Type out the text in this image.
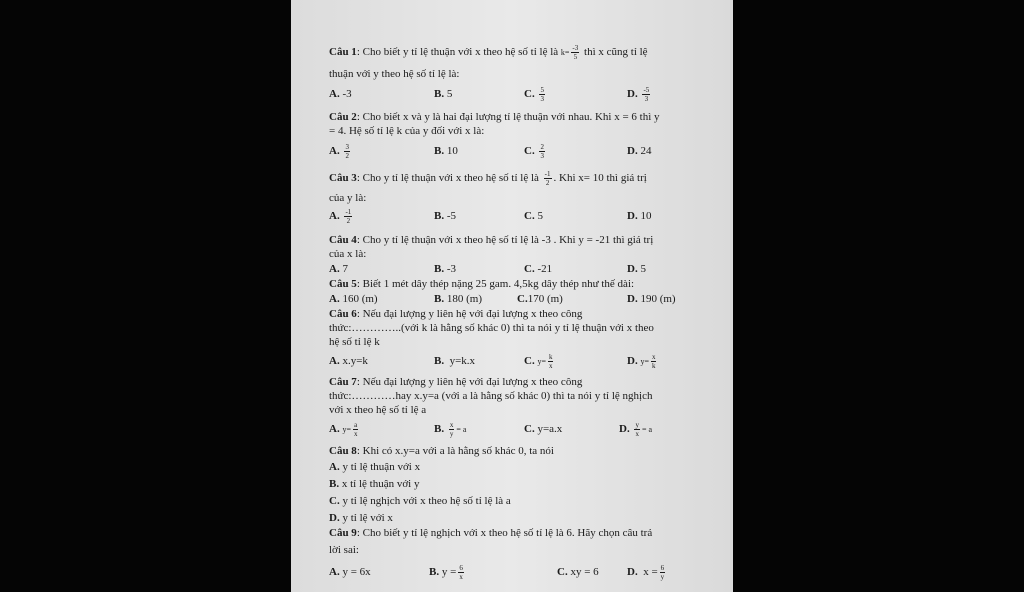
Câu 1: Cho biết y tỉ lệ thuận với x theo hệ số tỉ lệ là $k= \frac{-3}{5}$ thì x cũng tỉ lệ
thuận với y theo hệ số tỉ lệ là:
A. -3	B. 5	C. $\frac{5}{3}$	D. $\frac{-5}{3}$
Câu 2: Cho biết x và y là hai đại lượng tỉ lệ thuận với nhau. Khi x = 6 thì y
= 4. Hệ số tỉ lệ k của y đối với x là:
A. $\frac{3}{2}$	B. 10	C. $\frac{2}{3}$	D. 24
Câu 3: Cho y tỉ lệ thuận với x theo hệ số tỉ lệ là $\frac{-1}{2}$ . Khi x= 10 thì giá trị
của y là:
A. $\frac{-1}{2}$	B. -5	C. 5	D. 10
Câu 4: Cho y tỉ lệ thuận với x theo hệ số tỉ lệ là -3 . Khi y = -21 thì giá trị
của x là:
A. 7	B. -3	C. -21	D. 5
Câu 5: Biết 1 mét dây thép nặng 25 gam. 4,5kg dây thép như thế dài:
A. 160 (m)	B. 180 (m)	C.170 (m)	D. 190 (m)
Câu 6: Nếu đại lượng y liên hệ với đại lượng x theo công
thức:…………..(với k là hằng số khác 0) thì ta nói y tỉ lệ thuận với x theo
hệ số tỉ lệ k
A. x.y=k	B. y=k.x	C. $y= \frac{k}{x}$	D. $y= \frac{x}{k}$
Câu 7: Nếu đại lượng y liên hệ với đại lượng x theo công
thức:…………hay x.y=a (với a là hằng số khác 0) thì ta nói y tỉ lệ nghịch
với x theo hệ số tỉ lệ a
A. $y= \frac{a}{x}$	B. $\frac{x}{y} = a$	C. y=a.x	D. $\frac{y}{x} = a$
Câu 8: Khi có x.y=a với a là hằng số khác 0, ta nói
A. y tỉ lệ thuận với x
B. x tỉ lệ thuận với y
C. y tỉ lệ nghịch với x theo hệ số tỉ lệ là a
D. y tỉ lệ với x
Câu 9: Cho biết y tỉ lệ nghịch với x theo hệ số tỉ lệ là 6. Hãy chọn câu trả
lời sai:
A. y = 6x	B. $y = \frac{6}{x}$	C. xy = 6	D. $x = \frac{6}{y}$
